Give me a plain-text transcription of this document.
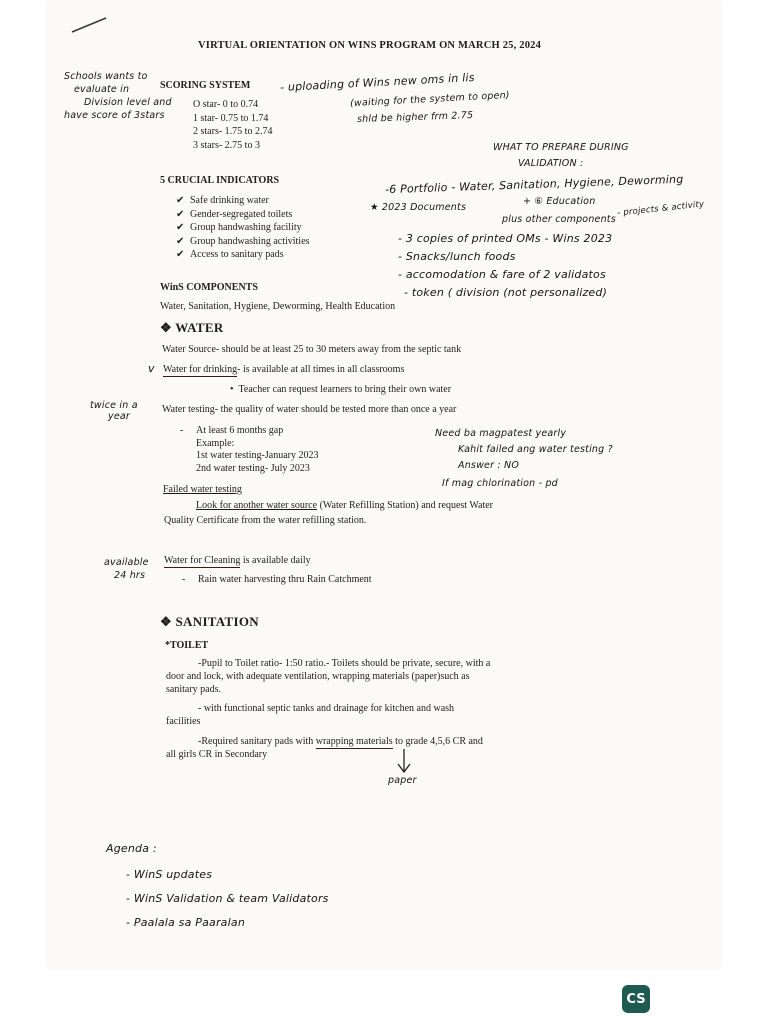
VIRTUAL ORIENTATION ON WINS PROGRAM ON MARCH 25, 2024
SCORING SYSTEM
O star- 0 to 0.74
1 star- 0.75 to 1.74
2 stars- 1.75 to 2.74
3 stars- 2.75 to 3
Schools wants to
evaluate in
Division level and
have score of 3stars
- uploading of Wins new oms in lis
(waiting for the system to open)
shld be higher frm 2.75
WHAT TO PREPARE DURING
VALIDATION :
5 CRUCIAL INDICATORS
✔ Safe drinking water
✔ Gender-segregated toilets
✔ Group handwashing facility
✔ Group handwashing activities
✔ Access to sanitary pads
-6 Portfolio - Water, Sanitation, Hygiene, Deworming
+ ⑥ Education
★ 2023 Documents
plus other components
- projects & activity
- 3 copies of printed OMs - Wins 2023
- Snacks/lunch foods
- accomodation & fare of 2 validatos
- token ( division (not personalized)
WinS COMPONENTS
Water, Sanitation, Hygiene, Deworming, Health Education
❖ WATER
Water Source- should be at least 25 to 30 meters away from the septic tank
v Water for drinking- is available at all times in all classrooms
•  Teacher can request learners to bring their own water
twice in a
year
Water testing- the quality of water should be tested more than once a year
- At least 6 months gap
Example:
1st water testing-January 2023
2nd water testing- July 2023
Need ba magpatest yearly
Kahit failed ang water testing ?
Answer : NO
If mag chlorination - pd
Failed water testing
Look for another water source (Water Refilling Station) and request Water
Quality Certificate from the water refilling station.
available
24 hrs
Water for Cleaning is available daily
- Rain water harvesting thru Rain Catchment
❖ SANITATION
*TOILET
-Pupil to Toilet ratio- 1:50 ratio.- Toilets should be private, secure, with a
door and lock, with adequate ventilation, wrapping materials (paper)such as
sanitary pads.
- with functional septic tanks and drainage for kitchen and wash
facilities
-Required sanitary pads with wrapping materials to grade 4,5,6 CR and
all girls CR in Secondary
paper
Agenda :
- WinS updates
- WinS Validation & team Validators
- Paalala sa Paaralan
CS
